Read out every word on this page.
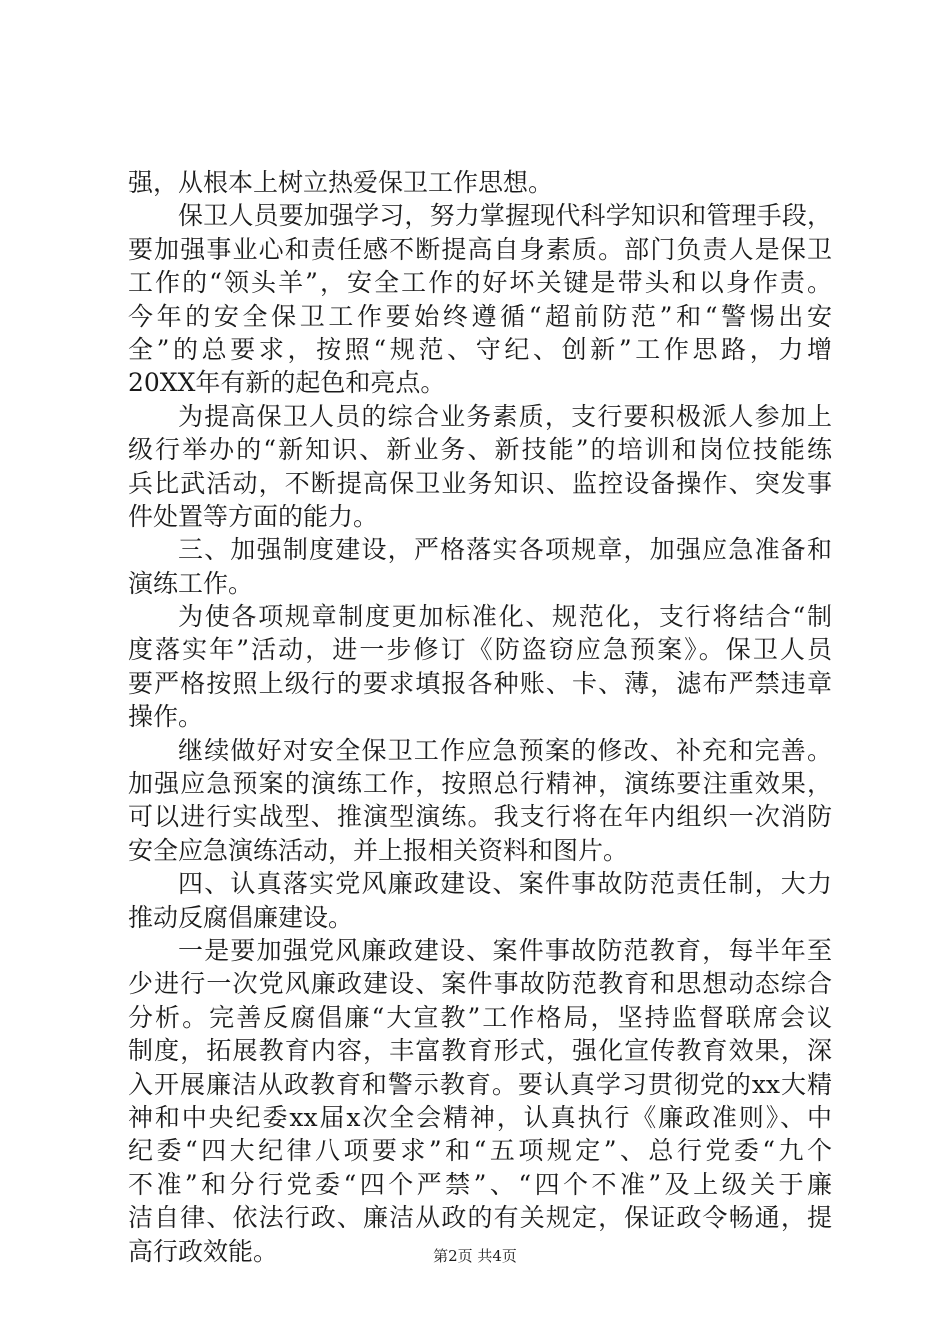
强，从根本上树立热爱保卫工作思想。
保卫人员要加强学习，努力掌握现代科学知识和管理手段，
要加强事业心和责任感不断提高自身素质。部门负责人是保卫
工作的“领头羊”，安全工作的好坏关键是带头和以身作责。
今年的安全保卫工作要始终遵循“超前防范”和“警惕出安
全”的总要求，按照“规范、守纪、创新”工作思路，力增
20XX年有新的起色和亮点。
为提高保卫人员的综合业务素质，支行要积极派人参加上
级行举办的“新知识、新业务、新技能”的培训和岗位技能练
兵比武活动，不断提高保卫业务知识、监控设备操作、突发事
件处置等方面的能力。
三、加强制度建设，严格落实各项规章，加强应急准备和
演练工作。
为使各项规章制度更加标准化、规范化，支行将结合“制
度落实年”活动，进一步修订《防盗窃应急预案》。保卫人员
要严格按照上级行的要求填报各种账、卡、薄，滤布严禁违章
操作。
继续做好对安全保卫工作应急预案的修改、补充和完善。
加强应急预案的演练工作，按照总行精神，演练要注重效果，
可以进行实战型、推演型演练。我支行将在年内组织一次消防
安全应急演练活动，并上报相关资料和图片。
四、认真落实党风廉政建设、案件事故防范责任制，大力
推动反腐倡廉建设。
一是要加强党风廉政建设、案件事故防范教育，每半年至
少进行一次党风廉政建设、案件事故防范教育和思想动态综合
分析。完善反腐倡廉“大宣教”工作格局，坚持监督联席会议
制度，拓展教育内容，丰富教育形式，强化宣传教育效果，深
入开展廉洁从政教育和警示教育。要认真学习贯彻党的xx大精
神和中央纪委xx届x次全会精神，认真执行《廉政准则》、中
纪委“四大纪律八项要求”和“五项规定”、总行党委“九个
不准”和分行党委“四个严禁”、“四个不准”及上级关于廉
洁自律、依法行政、廉洁从政的有关规定，保证政令畅通，提
高行政效能。	第2页 共4页
